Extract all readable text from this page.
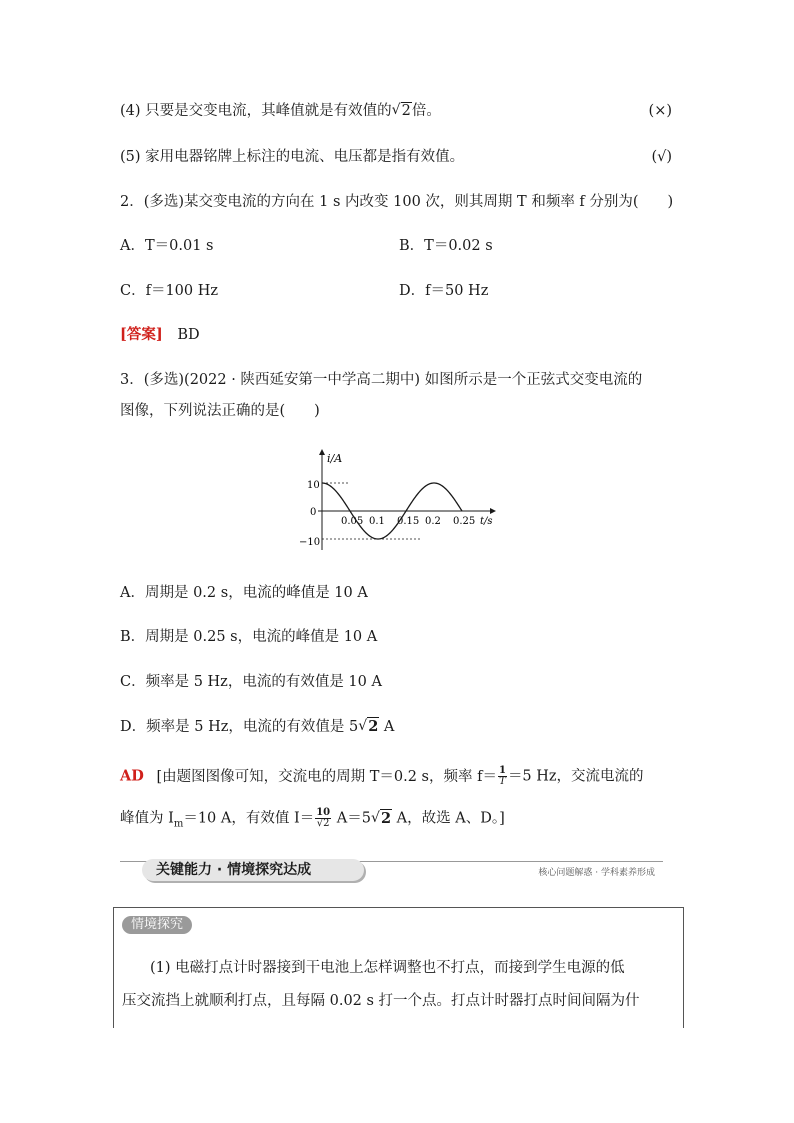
(4) 只要是交变电流，其峰值就是有效值的√ 2倍。	(×)
(5) 家用电器铭牌上标注的电流、电压都是指有效值。	(√)
2．(多选)某交变电流的方向在 1 s 内改变 100 次，则其周期 T 和频率 f 分别为(　　)
A．T＝0.01 s	B．T＝0.02 s
C．f＝100 Hz	D．f＝50 Hz
[答案] BD
3．(多选)(2022 · 陕西延安第一中学高二期中) 如图所示是一个正弦式交变电流的
图像，下列说法正确的是(　　)
i/A
t/s
10
0
−10
0.05 0.1 0.15 0.2 0.25
A．周期是 0.2 s，电流的峰值是 10 A
B．周期是 0.25 s，电流的峰值是 10 A
C．频率是 5 Hz，电流的有效值是 10 A
D．频率是 5 Hz，电流的有效值是 5√ 2 A
AD [由题图图像可知，交流电的周期 T＝0.2 s，频率 $f= \frac{1}{T} =5$ Hz，交流电流的
峰值为 $I_m=10$ A，有效值 $I= \frac{10}{√2} A=5√$ 2 A，故选 A、D。]
关键能力 · 情境探究达成	核心问题解惑 · 学科素养形成
情境探究
(1) 电磁打点计时器接到干电池上怎样调整也不打点，而接到学生电源的低
压交流挡上就顺利打点，且每隔 0.02 s 打一个点。打点计时器打点时间间隔为什
